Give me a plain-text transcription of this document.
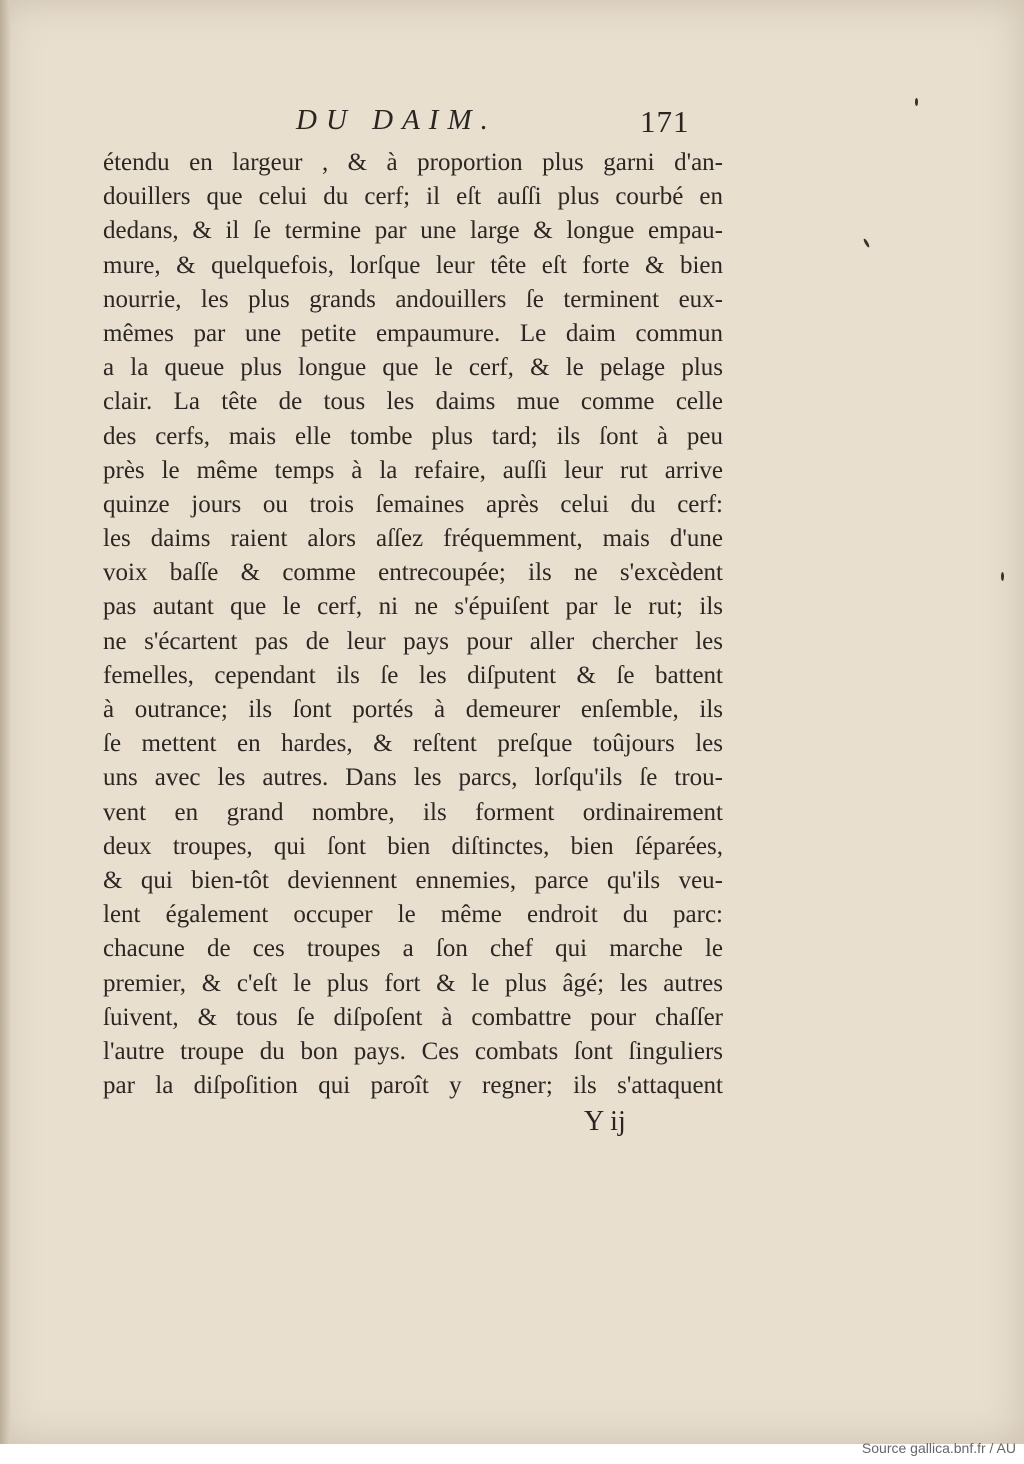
DU DAIM.	171
étendu en largeur , & à proportion plus garni d'an-
douillers que celui du cerf; il eſt auſſi plus courbé en
dedans, & il ſe termine par une large & longue empau-
mure, & quelquefois, lorſque leur tête eſt forte & bien
nourrie, les plus grands andouillers ſe terminent eux-
mêmes par une petite empaumure. Le daim commun
a la queue plus longue que le cerf, & le pelage plus
clair. La tête de tous les daims mue comme celle
des cerfs, mais elle tombe plus tard; ils ſont à peu
près le même temps à la refaire, auſſi leur rut arrive
quinze jours ou trois ſemaines après celui du cerf:
les daims raient alors aſſez fréquemment, mais d'une
voix baſſe & comme entrecoupée; ils ne s'excèdent
pas autant que le cerf, ni ne s'épuiſent par le rut; ils
ne s'écartent pas de leur pays pour aller chercher les
femelles, cependant ils ſe les diſputent & ſe battent
à outrance; ils ſont portés à demeurer enſemble, ils
ſe mettent en hardes, & reſtent preſque toûjours les
uns avec les autres. Dans les parcs, lorſqu'ils ſe trou-
vent en grand nombre, ils forment ordinairement
deux troupes, qui ſont bien diſtinctes, bien ſéparées,
& qui bien-tôt deviennent ennemies, parce qu'ils veu-
lent également occuper le même endroit du parc:
chacune de ces troupes a ſon chef qui marche le
premier, & c'eſt le plus fort & le plus âgé; les autres
ſuivent, & tous ſe diſpoſent à combattre pour chaſſer
l'autre troupe du bon pays. Ces combats ſont ſinguliers
par la diſpoſition qui paroît y regner; ils s'attaquent
Y ij
Source gallica.bnf.fr / AU
